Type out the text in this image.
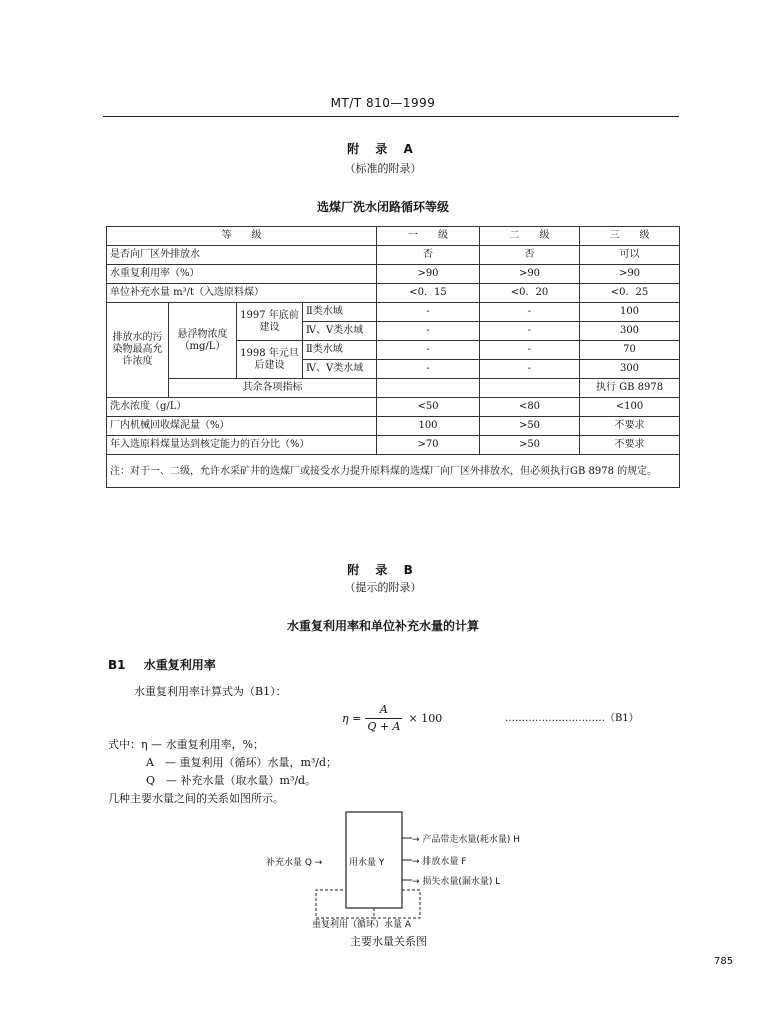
MT/T 810—1999
附 录 A
（标准的附录）
选煤厂洗水闭路循环等级
等　　级				一　　级	二　　级	三　　级
是否向厂区外排放水				否	否	可以
水重复利用率（%）				>90	>90	>90
单位补充水量 m³/t（入选原料煤）				<0．15	<0．20	<0．25
排放水的污染物最高允许浓度	悬浮物浓度（mg/L）	1997 年底前建设	Ⅱ类水域	-	-	100
			Ⅳ、Ⅴ类水域	-	-	300
		1998 年元旦后建设	Ⅱ类水域	-	-	70
			Ⅳ、Ⅴ类水域	-	-	300
	其余各项指标					执行 GB 8978
洗水浓度（g/L）				<50	<80	<100
厂内机械回收煤泥量（%）				100	>50	不要求
年入选原料煤量达到核定能力的百分比（%）				>70	>50	不要求
注：对于一、二级，允许水采矿井的选煤厂或接受水力提升原料煤的选煤厂向厂区外排放水，但必须执行GB 8978 的规定。						
附 录 B
（提示的附录）
水重复利用率和单位补充水量的计算
B1 水重复利用率
水重复利用率计算式为（B1）：
$\eta = \frac{A}{Q + A} \times 100$	…………………………（B1）
式中：η — 水重复利用率，%；
A　— 重复利用（循环）水量，m³/d；
Q　— 补充水量（取水量）m³/d。
几种主要水量之间的关系如图所示。
补充水量 Q →	用水量 Y
→ 产品带走水量(耗水量) H
→ 排放水量 F
→ 损失水量(漏水量) L
重复利用（循环）水量 A
主要水量关系图
785
